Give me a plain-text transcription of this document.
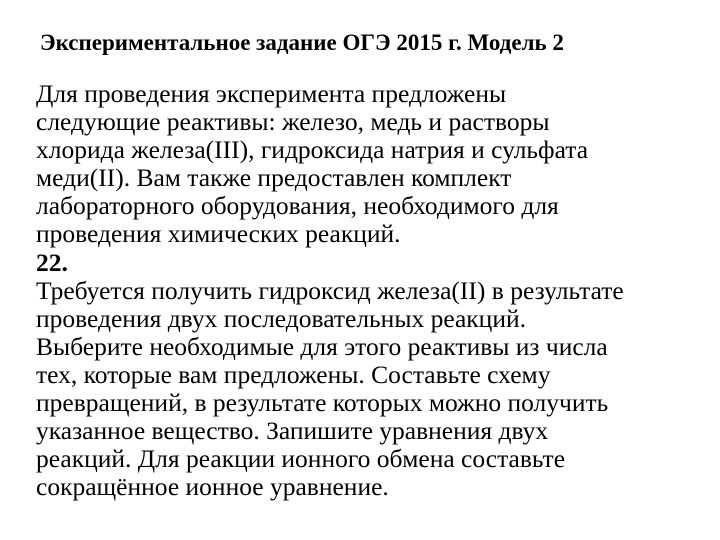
Экспериментальное задание ОГЭ 2015 г. Модель 2
Для проведения эксперимента предложены
следующие реактивы: железо, медь и растворы
хлорида железа(III), гидроксида натрия и сульфата
меди(II). Вам также предоставлен комплект
лабораторного оборудования, необходимого для
проведения химических реакций.
22.
Требуется получить гидроксид железа(II) в результате
проведения двух последовательных реакций.
Выберите необходимые для этого реактивы из числа
тех, которые вам предложены. Составьте схему
превращений, в результате которых можно получить
указанное вещество. Запишите уравнения двух
реакций. Для реакции ионного обмена составьте
сокращённое ионное уравнение.
